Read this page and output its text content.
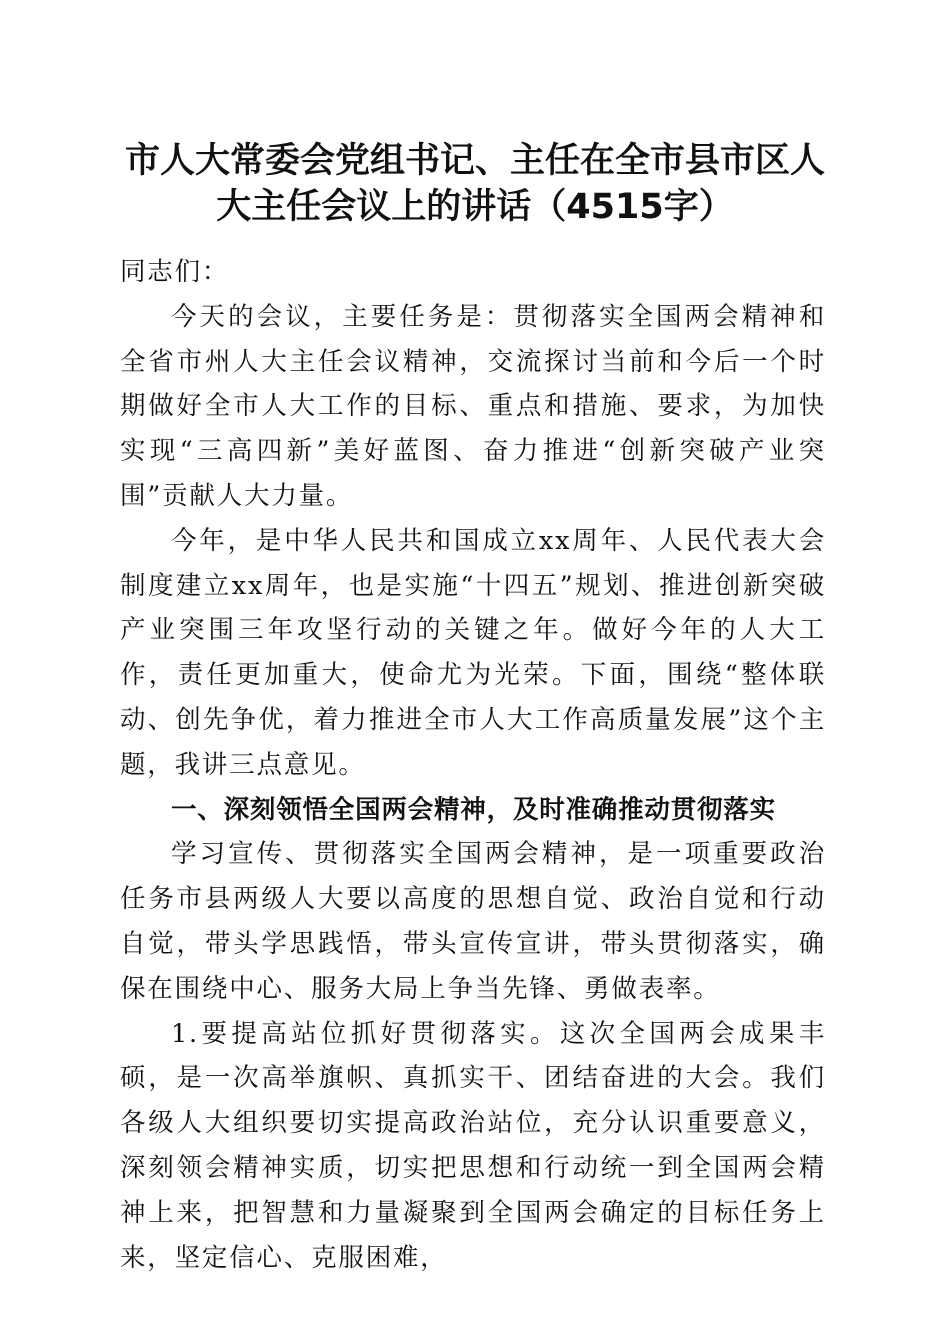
市人大常委会党组书记、主任在全市县市区人
大主任会议上的讲话（4515字）

同志们：

今天的会议，主要任务是：贯彻落实全国两会精神和全省市州人大主任会议精神，交流探讨当前和今后一个时期做好全市人大工作的目标、重点和措施、要求，为加快实现“三高四新”美好蓝图、奋力推进“创新突破产业突围”贡献人大力量。

今年，是中华人民共和国成立xx周年、人民代表大会制度建立xx周年，也是实施“十四五”规划、推进创新突破产业突围三年攻坚行动的关键之年。做好今年的人大工作，责任更加重大，使命尤为光荣。下面，围绕“整体联动、创先争优，着力推进全市人大工作高质量发展”这个主题，我讲三点意见。

一、深刻领悟全国两会精神，及时准确推动贯彻落实

学习宣传、贯彻落实全国两会精神，是一项重要政治任务市县两级人大要以高度的思想自觉、政治自觉和行动自觉，带头学思践悟，带头宣传宣讲，带头贯彻落实，确保在围绕中心、服务大局上争当先锋、勇做表率。

1.要提高站位抓好贯彻落实。这次全国两会成果丰硕，是一次高举旗帜、真抓实干、团结奋进的大会。我们各级人大组织要切实提高政治站位，充分认识重要意义，深刻领会精神实质，切实把思想和行动统一到全国两会精神上来，把智慧和力量凝聚到全国两会确定的目标任务上来，坚定信心、克服困难，
